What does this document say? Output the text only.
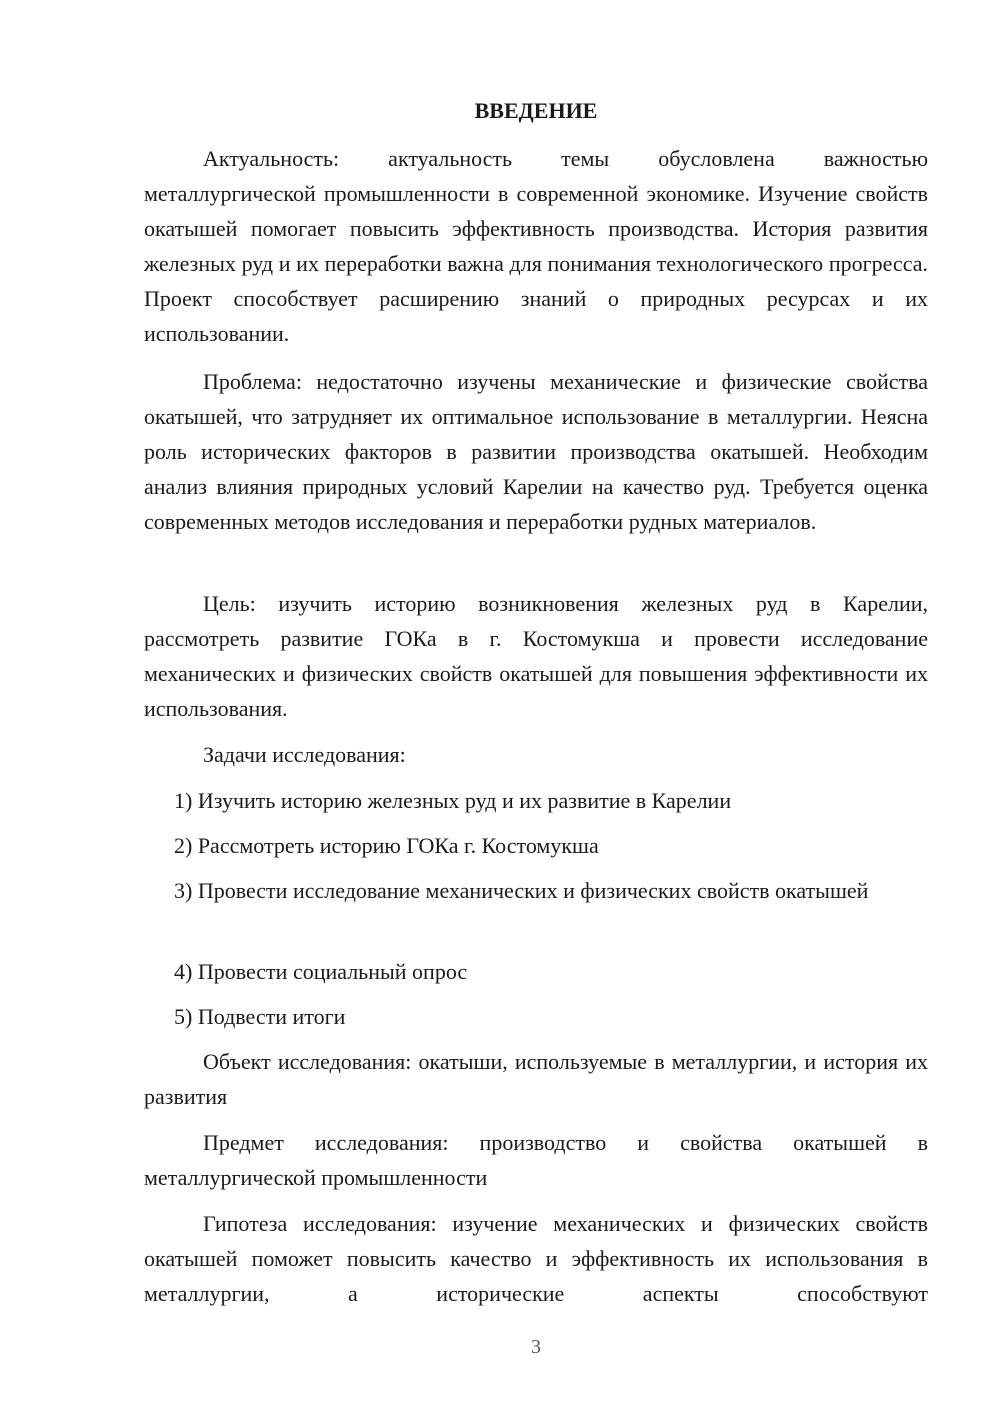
ВВЕДЕНИЕ

Актуальность: актуальность темы обусловлена важностью металлургической промышленности в современной экономике. Изучение свойств окатышей помогает повысить эффективность производства. История развития железных руд и их переработки важна для понимания технологического прогресса. Проект способствует расширению знаний о природных ресурсах и их использовании.

Проблема: недостаточно изучены механические и физические свойства окатышей, что затрудняет их оптимальное использование в металлургии. Неясна роль исторических факторов в развитии производства окатышей. Необходим анализ влияния природных условий Карелии на качество руд. Требуется оценка современных методов исследования и переработки рудных материалов.

Цель: изучить историю возникновения железных руд в Карелии, рассмотреть развитие ГОКа в г. Костомукша и провести исследование механических и физических свойств окатышей для повышения эффективности их использования.

Задачи исследования:

1) Изучить историю железных руд и их развитие в Карелии

2) Рассмотреть историю ГОКа г. Костомукша

3) Провести исследование механических и физических свойств окатышей

4) Провести социальный опрос

5) Подвести итоги

Объект исследования: окатыши, используемые в металлургии, и история их развития

Предмет исследования: производство и свойства окатышей в металлургической промышленности

Гипотеза исследования: изучение механических и физических свойств окатышей поможет повысить качество и эффективность их использования в металлургии, а исторические аспекты способствуют

3
